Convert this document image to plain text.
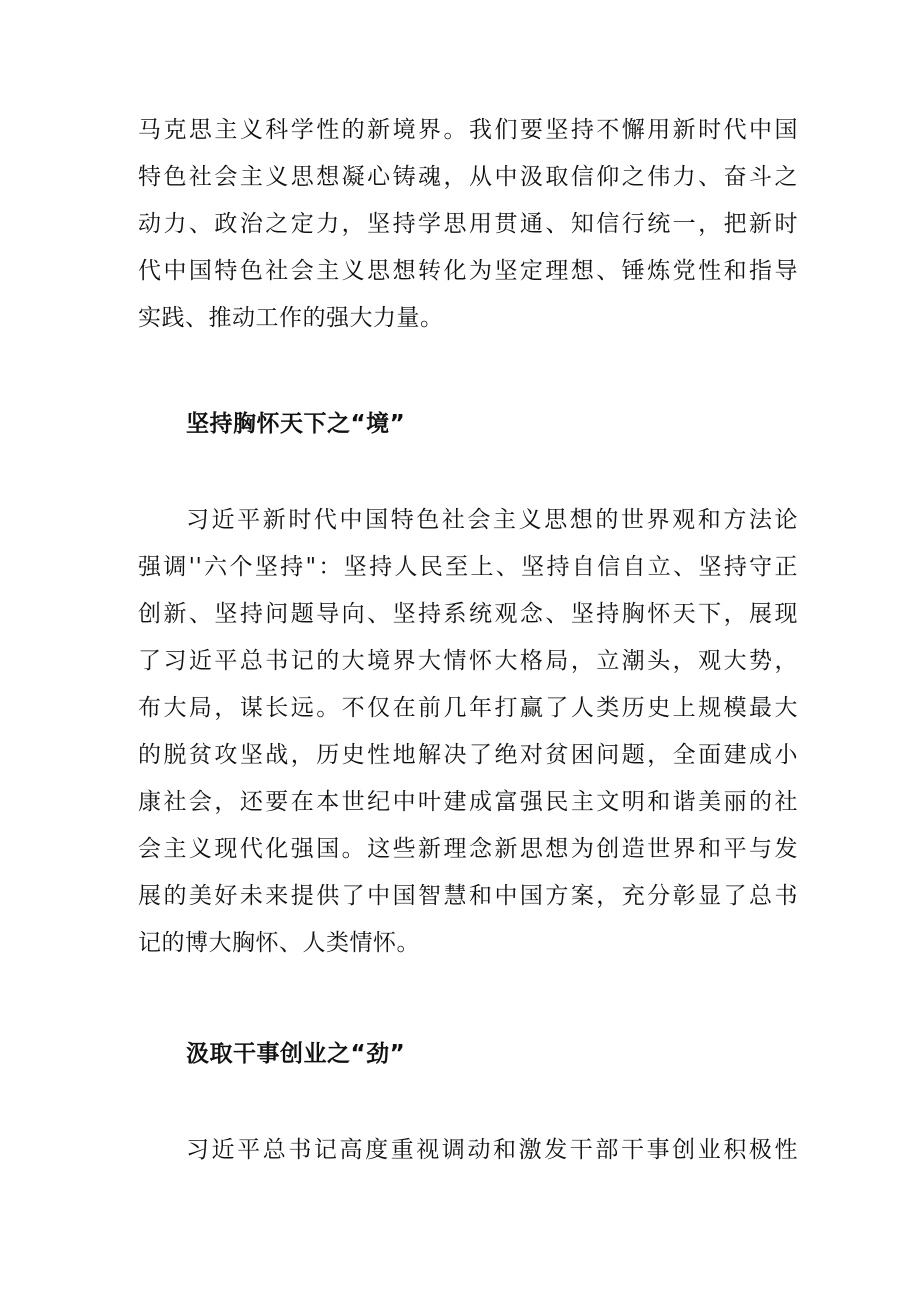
马克思主义科学性的新境界。我们要坚持不懈用新时代中国
特色社会主义思想凝心铸魂，从中汲取信仰之伟力、奋斗之
动力、政治之定力，坚持学思用贯通、知信行统一，把新时
代中国特色社会主义思想转化为坚定理想、锤炼党性和指导
实践、推动工作的强大力量。
坚持胸怀天下之“境”
习近平新时代中国特色社会主义思想的世界观和方法论
强调''六个坚持"：坚持人民至上、坚持自信自立、坚持守正
创新、坚持问题导向、坚持系统观念、坚持胸怀天下，展现
了习近平总书记的大境界大情怀大格局，立潮头，观大势，
布大局，谋长远。不仅在前几年打赢了人类历史上规模最大
的脱贫攻坚战，历史性地解决了绝对贫困问题，全面建成小
康社会，还要在本世纪中叶建成富强民主文明和谐美丽的社
会主义现代化强国。这些新理念新思想为创造世界和平与发
展的美好未来提供了中国智慧和中国方案，充分彰显了总书
记的博大胸怀、人类情怀。
汲取干事创业之“劲”
习近平总书记高度重视调动和激发干部干事创业积极性
